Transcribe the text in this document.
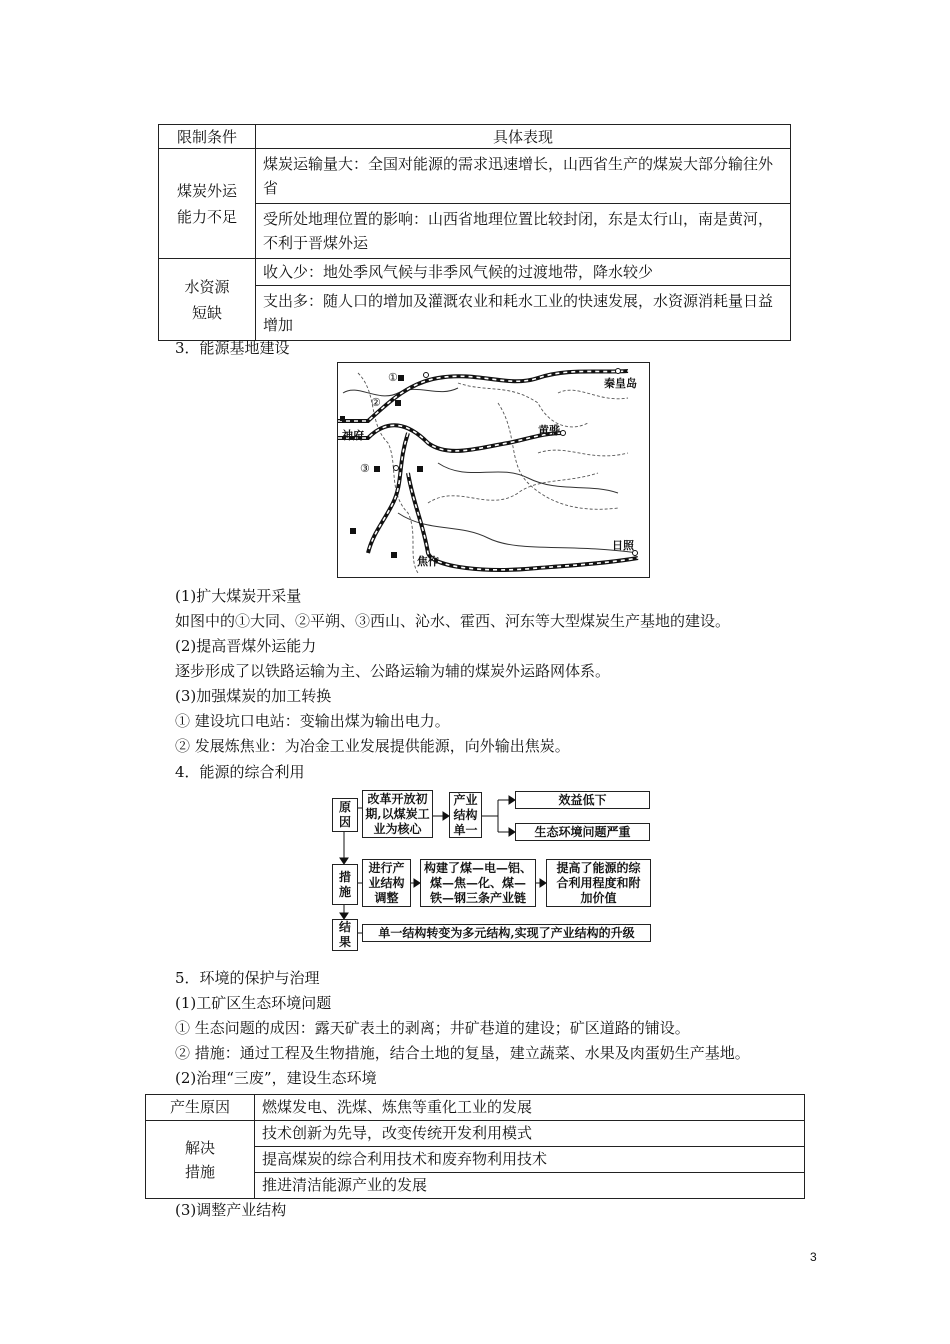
限制条件	具体表现
煤炭外运
能力不足	煤炭运输量大：全国对能源的需求迅速增长，山西省生产的煤炭大部分输往外省
	受所处地理位置的影响：山西省地理位置比较封闭，东是太行山，南是黄河，不利于晋煤外运
水资源
短缺	收入少：地处季风气候与非季风气候的过渡地带，降水较少
	支出多：随人口的增加及灌溉农业和耗水工业的快速发展，水资源消耗量日益增加
3．能源基地建设
①
②
③
神府
秦皇岛
黄骅
日照
焦作
(1)扩大煤炭开采量
如图中的①大同、②平朔、③西山、沁水、霍西、河东等大型煤炭生产基地的建设。
(2)提高晋煤外运能力
逐步形成了以铁路运输为主、公路运输为辅的煤炭外运路网体系。
(3)加强煤炭的加工转换
① 建设坑口电站：变输出煤为输出电力。
② 发展炼焦业：为冶金工业发展提供能源，向外输出焦炭。
4．能源的综合利用
原
因
改革开放初
期,以煤炭工
业为核心
产业
结构
单一
效益低下
生态环境问题严重
措
施
进行产
业结构
调整
构建了煤—电—铝、
煤—焦—化、煤—
铁—钢三条产业链
提高了能源的综
合利用程度和附
加价值
结
果
单一结构转变为多元结构,实现了产业结构的升级
5．环境的保护与治理
(1)工矿区生态环境问题
① 生态问题的成因：露天矿表土的剥离；井矿巷道的建设；矿区道路的铺设。
② 措施：通过工程及生物措施，结合土地的复垦，建立蔬菜、水果及肉蛋奶生产基地。
(2)治理“三废”，建设生态环境
产生原因	燃煤发电、洗煤、炼焦等重化工业的发展
解决
措施	技术创新为先导，改变传统开发利用模式
	提高煤炭的综合利用技术和废弃物利用技术
	推进清洁能源产业的发展
(3)调整产业结构
3
